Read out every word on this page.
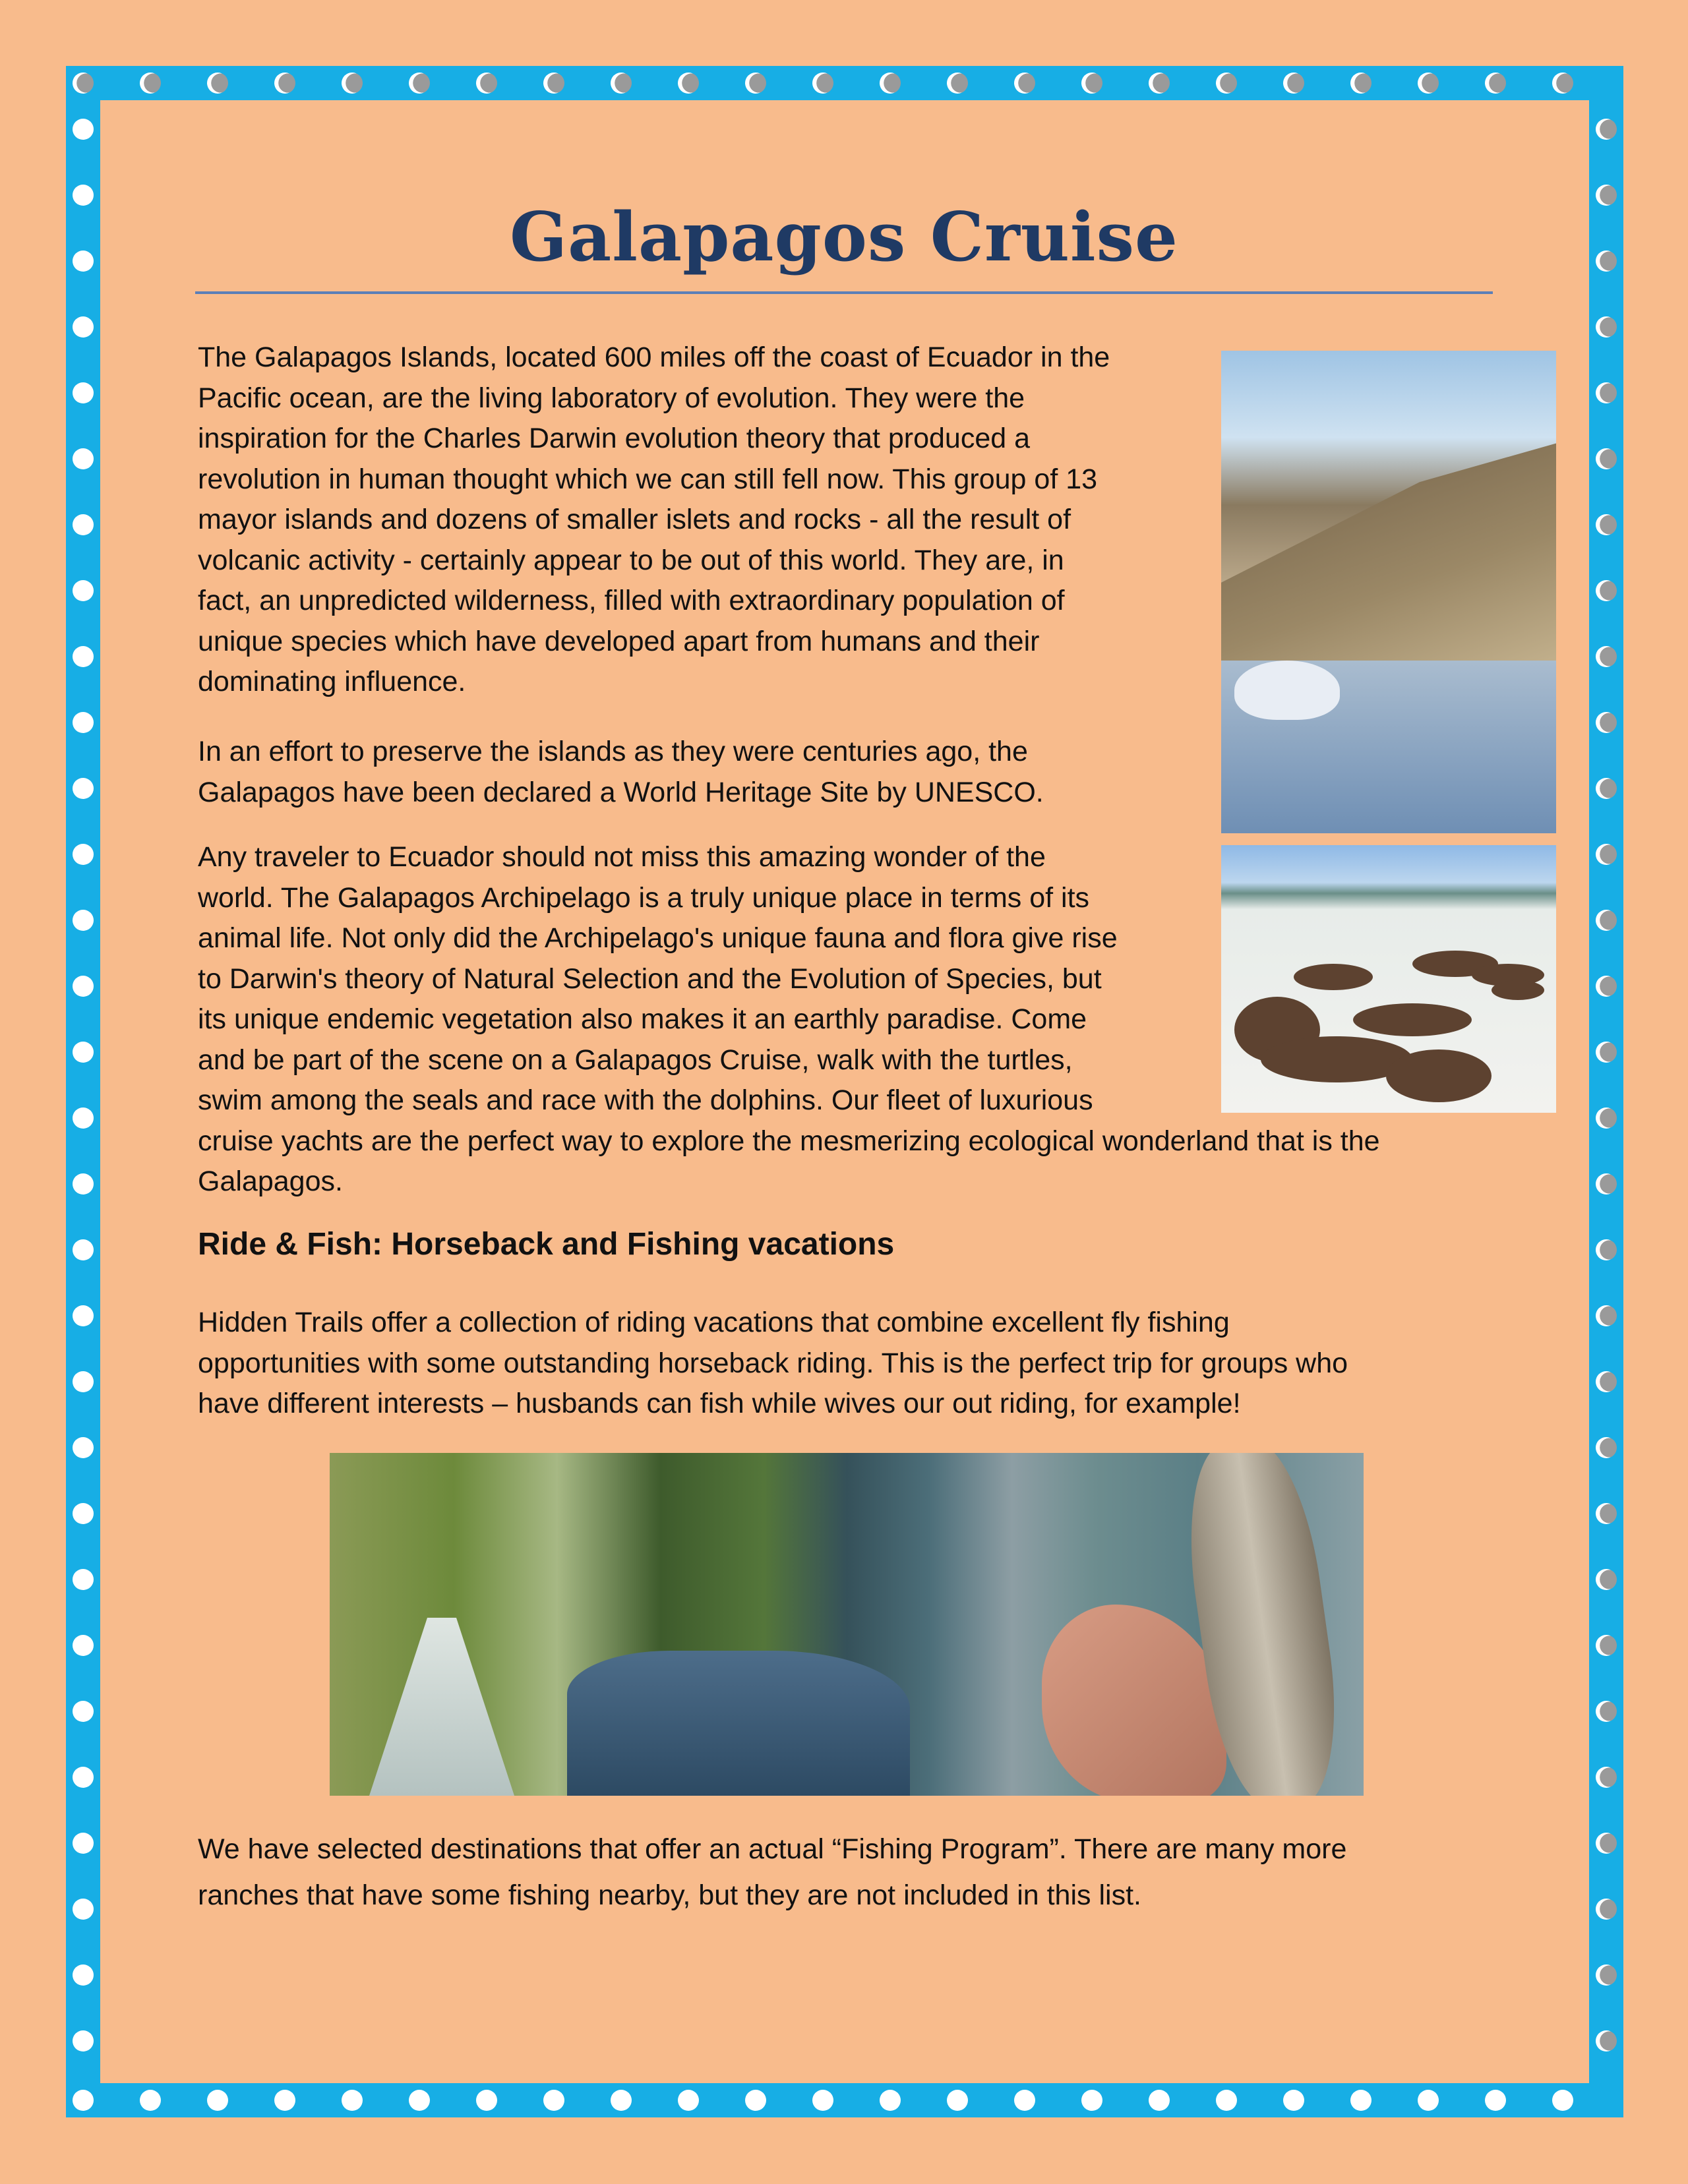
Galapagos Cruise

The Galapagos Islands, located 600 miles off the coast of Ecuador in the
Pacific ocean, are the living laboratory of evolution. They were the
inspiration for the Charles Darwin evolution theory that produced a
revolution in human thought which we can still fell now. This group of 13
mayor islands and dozens of smaller islets and rocks - all the result of
volcanic activity - certainly appear to be out of this world. They are, in
fact, an unpredicted wilderness, filled with extraordinary population of
unique species which have developed apart from humans and their
dominating influence.

In an effort to preserve the islands as they were centuries ago, the
Galapagos have been declared a World Heritage Site by UNESCO.

Any traveler to Ecuador should not miss this amazing wonder of the
world. The Galapagos Archipelago is a truly unique place in terms of its
animal life. Not only did the Archipelago's unique fauna and flora give rise
to Darwin's theory of Natural Selection and the Evolution of Species, but
its unique endemic vegetation also makes it an earthly paradise. Come
and be part of the scene on a Galapagos Cruise, walk with the turtles,
swim among the seals and race with the dolphins. Our fleet of luxurious
cruise yachts are the perfect way to explore the mesmerizing ecological wonderland that is the
Galapagos.

Ride & Fish: Horseback and Fishing vacations

Hidden Trails offer a collection of riding vacations that combine excellent fly fishing
opportunities with some outstanding horseback riding. This is the perfect trip for groups who
have different interests – husbands can fish while wives our out riding, for example!

We have selected destinations that offer an actual “Fishing Program”. There are many more
ranches that have some fishing nearby, but they are not included in this list.
